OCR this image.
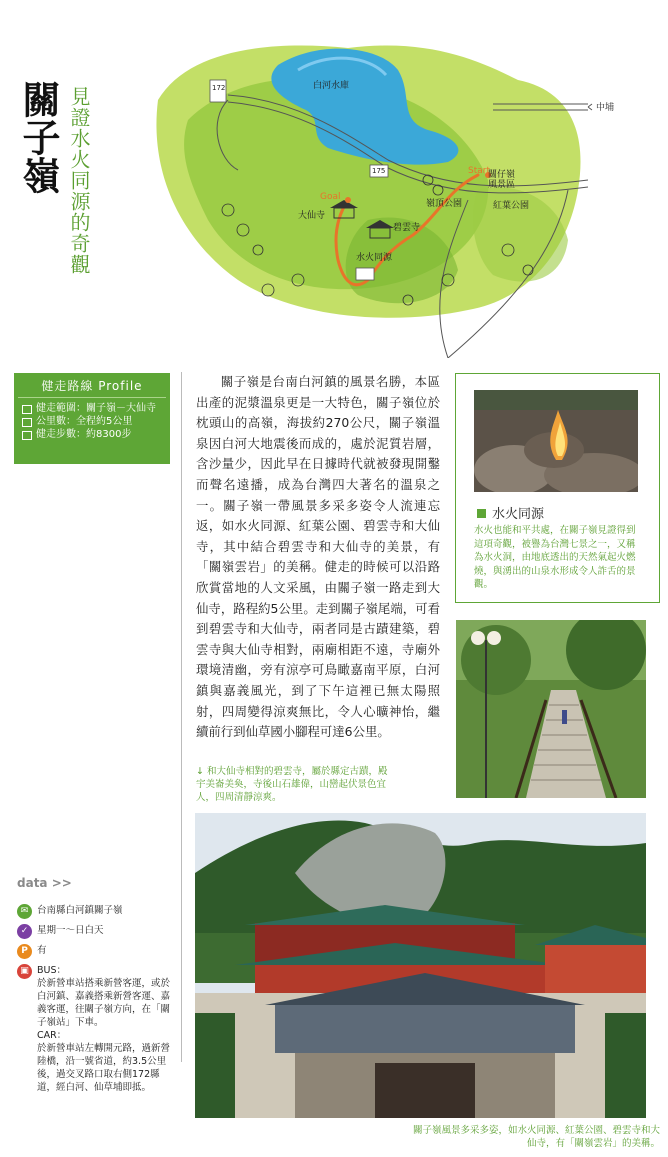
關子嶺 見證水火同源的奇觀	白河水庫
中埔
172
175	Start
Goal
大仙寺
碧雲寺
水火同源
嶺頂公園
關仔嶺風景區
紅葉公園
健走路線 Profile
健走範圍：關子嶺－大仙寺
公里數：全程約5公里
健走步數：約8300步

關子嶺是台南白河鎮的風景名勝，本區出產的泥漿溫泉更是一大特色，關子嶺位於枕頭山的高嶺，海拔約270公尺，關子嶺溫泉因白河大地震後而成的，處於泥質岩層，含沙量少，因此早在日據時代就被發現開鑿而聲名遠播，成為台灣四大著名的溫泉之一。關子嶺一帶風景多采多姿令人流連忘返，如水火同源、紅葉公園、碧雲寺和大仙寺，其中結合碧雲寺和大仙寺的美景，有「關嶺雲岩」的美稱。健走的時候可以沿路欣賞當地的人文采風，由關子嶺一路走到大仙寺，路程約5公里。走到關子嶺尾端，可看到碧雲寺和大仙寺，兩者同是古蹟建築，碧雲寺與大仙寺相對，兩廟相距不遠，寺廟外環境清幽，旁有涼亭可鳥瞰嘉南平原，白河鎮與嘉義風光，到了下午這裡已無太陽照射，四周變得涼爽無比，令人心曠神怡，繼續前行到仙草國小腳程可達6公里。

↓ 和大仙寺相對的碧雲寺，屬於縣定古蹟，殿宇美崙美奐，寺後山石雄偉，山巒起伏景色宜人，四周清靜涼爽。
水火同源
水火也能和平共處，在關子嶺見證得到這項奇觀，被譽為台灣七景之一，又稱為水火洞，由地底透出的天然氣起火燃燒，與湧出的山泉水形成令人詐舌的景觀。
關子嶺風景多采多姿，如水火同源、紅葉公園、碧雲寺和大仙寺，有「關嶺雲岩」的美稱。
data >>
✉ 台南縣白河鎮關子嶺
✓ 星期一～日白天
P 有
▣ BUS：
於新營車站搭乘新營客運，或於白河鎮、嘉義搭乘新營客運、嘉義客運，往關子嶺方向，在「關子嶺站」下車。
CAR：
於新營車站左轉開元路，過新營陸橋，沿一號省道，約3.5公里後，過交叉路口取右側172縣道，經白河、仙草埔即抵。
